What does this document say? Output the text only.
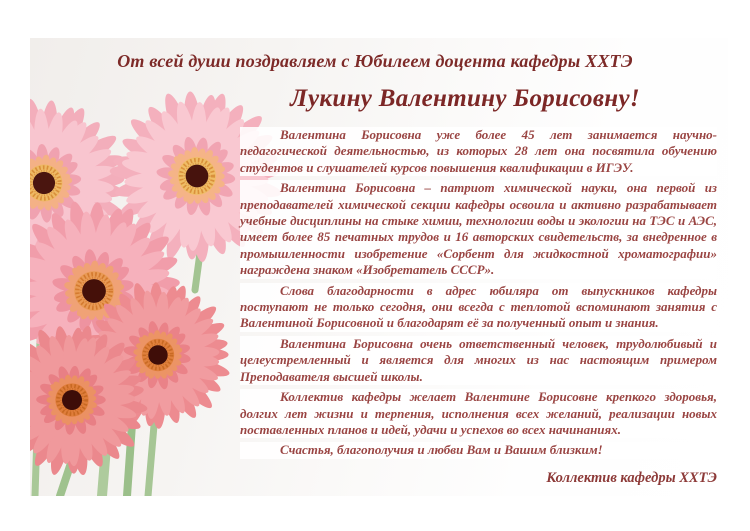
От всей души поздравляем с Юбилеем доцента кафедры ХХТЭ
Лукину Валентину Борисовну!

Валентина Борисовна уже более 45 лет занимается научно-педагогической деятельностью, из которых 28 лет она посвятила обучению студентов и слушателей курсов повышения квалификации в ИГЭУ.

Валентина Борисовна – патриот химической науки, она первой из преподавателей химической секции кафедры освоила и активно разрабатывает учебные дисциплины на стыке химии, технологии воды и экологии на ТЭС и АЭС, имеет более 85 печатных трудов и 16 авторских свидетельств, за внедренное в промышленности изобретение «Сорбент для жидкостной хроматографии» награждена знаком «Изобретатель СССР».

Слова благодарности в адрес юбиляра от выпускников кафедры поступают не только сегодня, они всегда с теплотой вспоминают занятия с Валентиной Борисовной и благодарят её за полученный опыт и знания.

Валентина Борисовна очень ответственный человек, трудолюбивый и целеустремленный и является для многих из нас настоящим примером Преподавателя высшей школы.

Коллектив кафедры желает Валентине Борисовне крепкого здоровья, долгих лет жизни и терпения, исполнения всех желаний, реализации новых поставленных планов и идей, удачи и успехов во всех начинаниях.

Счастья, благополучия и любви Вам и Вашим близким!

Коллектив кафедры ХХТЭ
